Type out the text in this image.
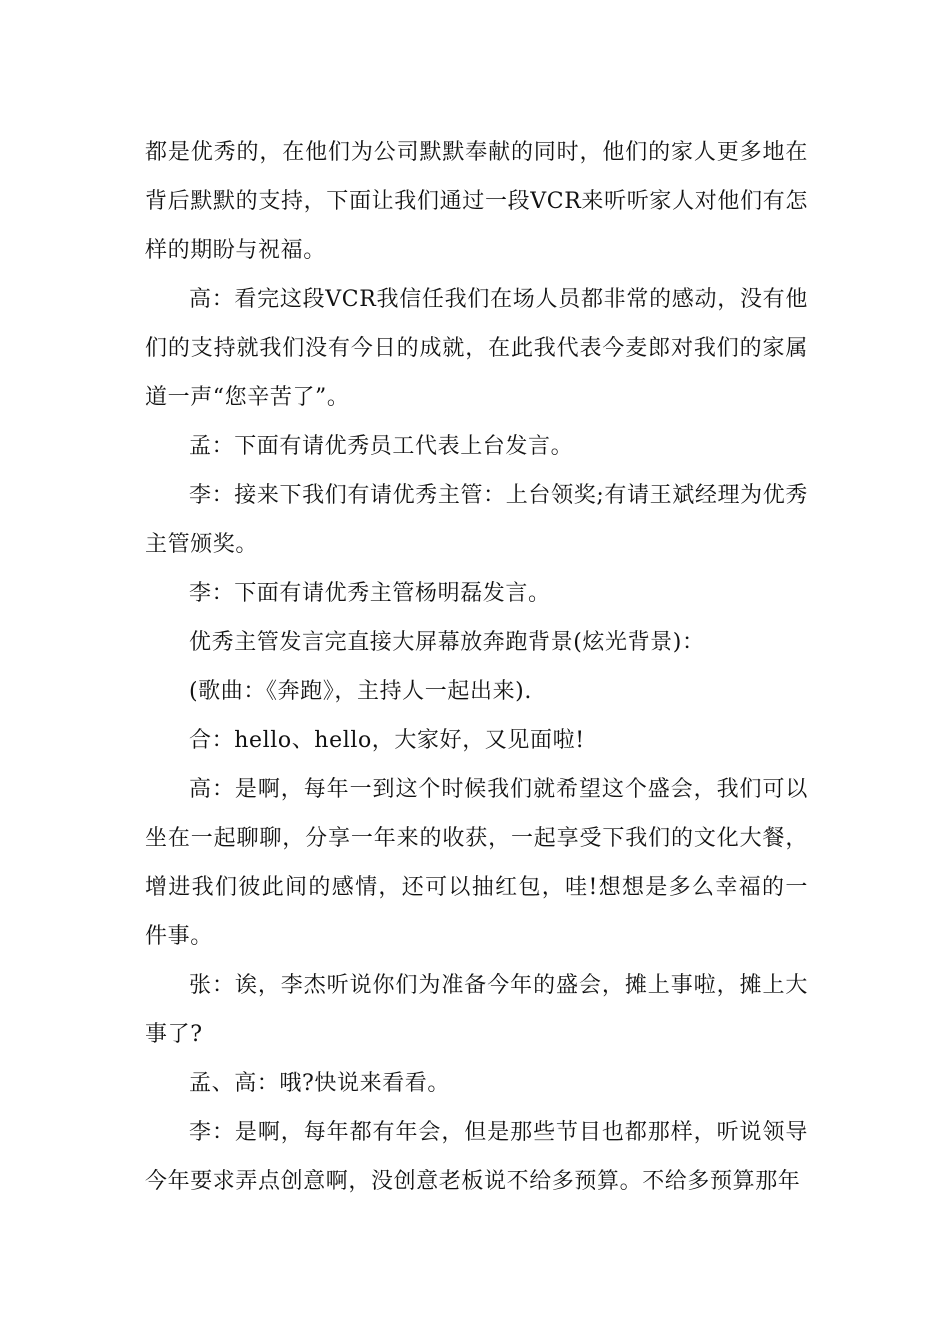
都是优秀的，在他们为公司默默奉献的同时，他们的家人更多地在背后默默的支持，下面让我们通过一段VCR来听听家人对他们有怎样的期盼与祝福。

高：看完这段VCR我信任我们在场人员都非常的感动，没有他们的支持就我们没有今日的成就，在此我代表今麦郎对我们的家属道一声“您辛苦了”。

孟：下面有请优秀员工代表上台发言。

李：接来下我们有请优秀主管：上台领奖;有请王斌经理为优秀主管颁奖。

李：下面有请优秀主管杨明磊发言。

优秀主管发言完直接大屏幕放奔跑背景(炫光背景)：

(歌曲：《奔跑》，主持人一起出来).

合：hello、hello，大家好，又见面啦!

高：是啊，每年一到这个时候我们就希望这个盛会，我们可以坐在一起聊聊，分享一年来的收获，一起享受下我们的文化大餐，增进我们彼此间的感情，还可以抽红包，哇!想想是多么幸福的一件事。

张：诶，李杰听说你们为准备今年的盛会，摊上事啦，摊上大事了?

孟、高：哦?快说来看看。

李：是啊，每年都有年会，但是那些节目也都那样，听说领导今年要求弄点创意啊，没创意老板说不给多预算。不给多预算那年
